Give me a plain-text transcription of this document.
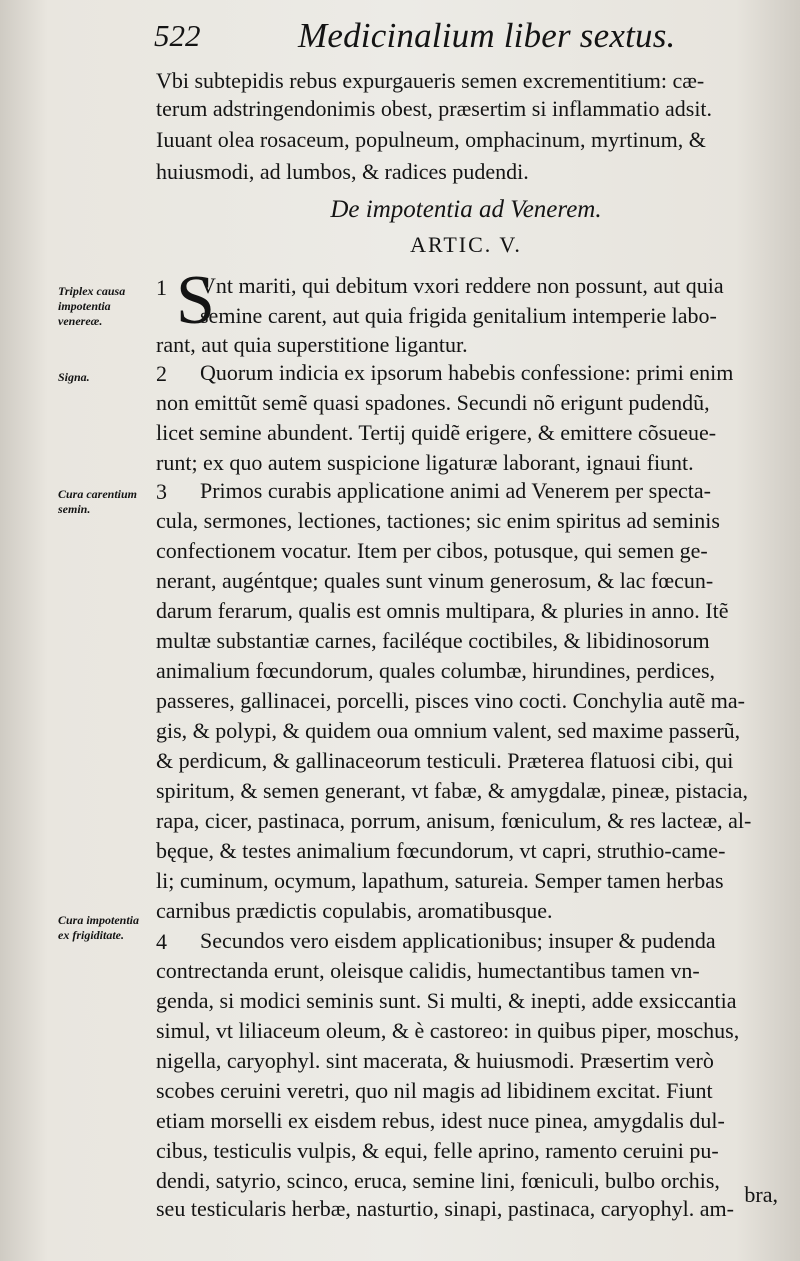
522	Medicinalium liber sextus.
Vbi subtepidis rebus expurgaueris semen excrementitium: cæ-
terum adstringendonimis obest, præsertim si inflammatio adsit.
Iuuant olea rosaceum, populneum, omphacinum, myrtinum, &
huiusmodi, ad lumbos, & radices pudendi.
De impotentia ad Venerem.
ARTIC. V.
Vnt mariti, qui debitum vxori reddere non possunt, aut quia
semine carent, aut quia frigida genitalium intemperie labo-
rant, aut quia superstitione ligantur.
Quorum indicia ex ipsorum habebis confessione: primi enim
non emittũt semẽ quasi spadones. Secundi nõ erigunt pudendũ,
licet semine abundent. Tertij quidẽ erigere, & emittere cõsueue-
runt; ex quo autem suspicione ligaturæ laborant, ignaui fiunt.
Primos curabis applicatione animi ad Venerem per specta-
cula, sermones, lectiones, tactiones; sic enim spiritus ad seminis
confectionem vocatur. Item per cibos, potusque, qui semen ge-
nerant, augéntque; quales sunt vinum generosum, & lac fœcun-
darum ferarum, qualis est omnis multipara, & pluries in anno. Itẽ
multæ substantiæ carnes, faciléque coctibiles, & libidinosorum
animalium fœcundorum, quales columbæ, hirundines, perdices,
passeres, gallinacei, porcelli, pisces vino cocti. Conchylia autẽ ma-
gis, & polypi, & quidem oua omnium valent, sed maxime passerũ,
& perdicum, & gallinaceorum testiculi. Præterea flatuosi cibi, qui
spiritum, & semen generant, vt fabæ, & amygdalæ, pineæ, pistacia,
rapa, cicer, pastinaca, porrum, anisum, fœniculum, & res lacteæ, al-
bęque, & testes animalium fœcundorum, vt capri, struthio-came-
li; cuminum, ocymum, lapathum, satureia. Semper tamen herbas
carnibus prædictis copulabis, aromatibusque.
Secundos vero eisdem applicationibus; insuper & pudenda
contrectanda erunt, oleisque calidis, humectantibus tamen vn-
genda, si modici seminis sunt. Si multi, & inepti, adde exsiccantia
simul, vt liliaceum oleum, & è castoreo: in quibus piper, moschus,
nigella, caryophyl. sint macerata, & huiusmodi. Præsertim verò
scobes ceruini veretri, quo nil magis ad libidinem excitat. Fiunt
etiam morselli ex eisdem rebus, idest nuce pinea, amygdalis dul-
cibus, testiculis vulpis, & equi, felle aprino, ramento ceruini pu-
dendi, satyrio, scinco, eruca, semine lini, fœniculi, bulbo orchis,
seu testicularis herbæ, nasturtio, sinapi, pastinaca, caryophyl. am-
S
1
2
3
4
Triplex causa impotentia venereæ.
Signa.
Cura carentium semin.
Cura impotentia ex frigiditate.
bra,
